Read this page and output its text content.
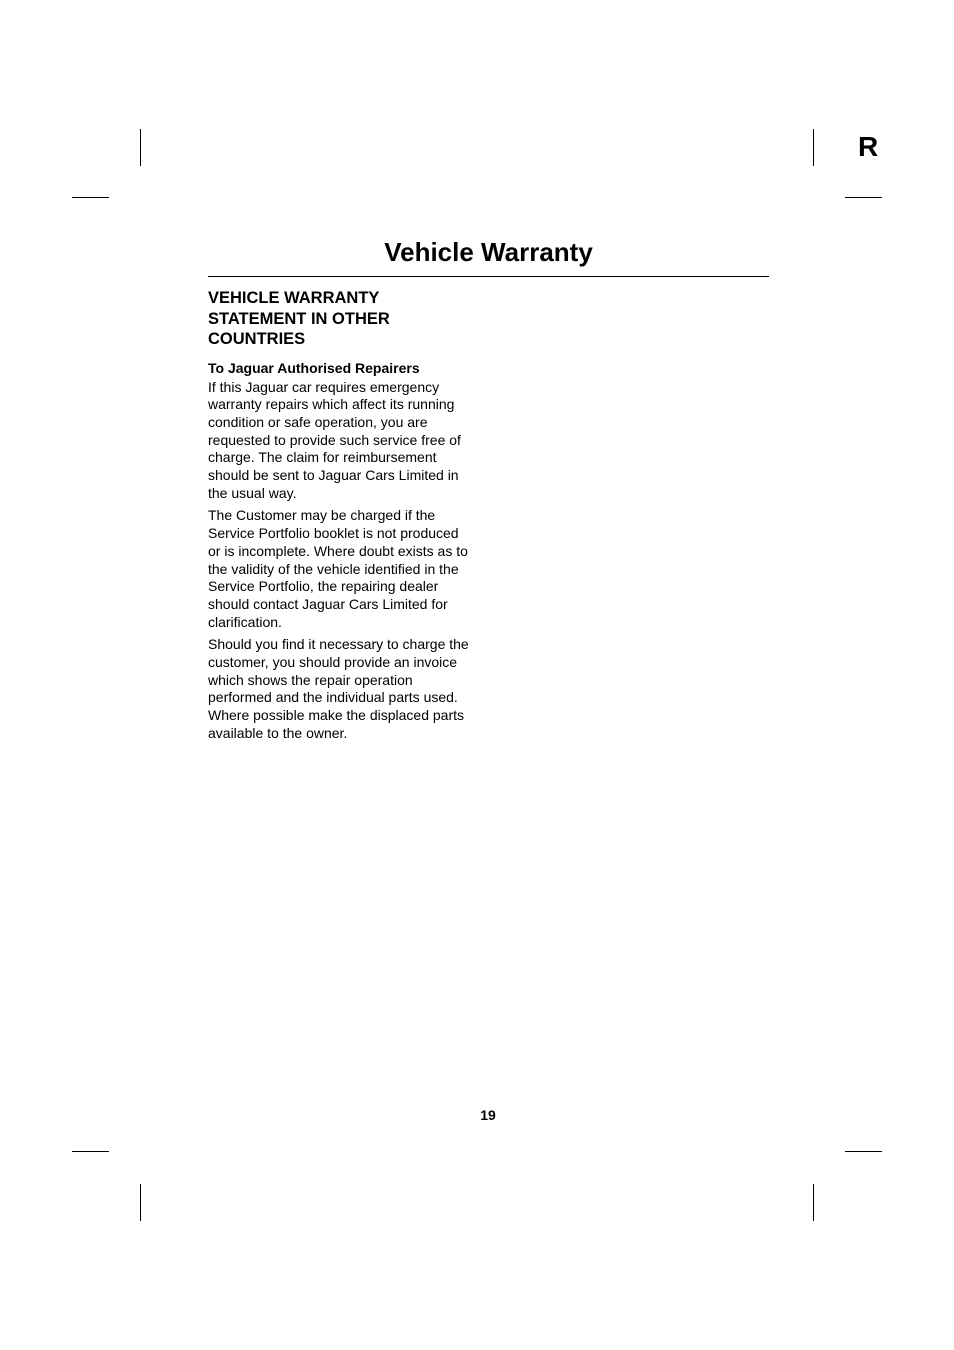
R
Vehicle Warranty
VEHICLE WARRANTY
STATEMENT IN OTHER
COUNTRIES
To Jaguar Authorised Repairers

If this Jaguar car requires emergency warranty repairs which affect its running condition or safe operation, you are requested to provide such service free of charge. The claim for reimbursement should be sent to Jaguar Cars Limited in the usual way.

The Customer may be charged if the Service Portfolio booklet is not produced or is incomplete. Where doubt exists as to the validity of the vehicle identified in the Service Portfolio, the repairing dealer should contact Jaguar Cars Limited for clarification.

Should you find it necessary to charge the customer, you should provide an invoice which shows the repair operation performed and the individual parts used. Where possible make the displaced parts available to the owner.

19
